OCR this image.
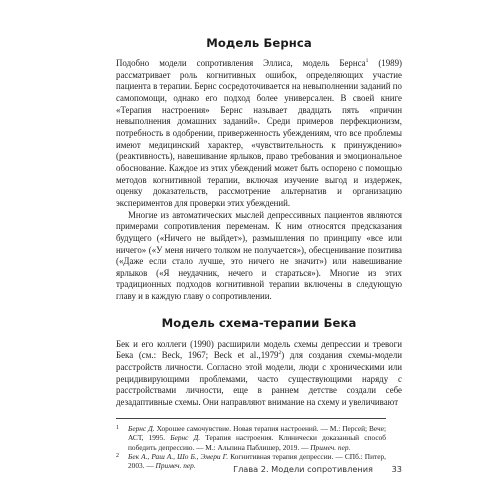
Модель Бернса

Подобно модели сопротивления Эллиса, модель Бернса$^1$ (1989) рассматривает роль когнитивных ошибок, определяющих участие пациента в терапии. Бернс сосредоточивается на невыполнении заданий по самопомощи, однако его подход более универсален. В своей книге «Терапия настроения» Бернс называет двадцать пять «причин невыполнения домашних заданий». Среди примеров перфекционизм, потребность в одобрении, приверженность убеждениям, что все проблемы имеют медицинский характер, «чувствительность к принуждению» (реактивность), навешивание ярлыков, право требования и эмоциональное обоснование. Каждое из этих убеждений может быть оспорено с помощью методов когнитивной терапии, включая изучение выгод и издержек, оценку доказательств, рассмотрение альтернатив и организацию экспериментов для проверки этих убеждений.

Многие из автоматических мыслей депрессивных пациентов являются примерами сопротивления переменам. К ним относятся предсказания будущего («Ничего не выйдет»), размышления по принципу «все или ничего» («У меня ничего толком не получается»), обесценивание позитива («Даже если стало лучше, это ничего не значит») или навешивание ярлыков («Я неудачник, нечего и стараться»). Многие из этих традиционных подходов когнитивной терапии включены в следующую главу и в каждую главу о сопротивлении.

Модель схема-терапии Бека

Бек и его коллеги (1990) расширили модель схемы депрессии и тревоги Бека (см.: Beck, 1967; Beck et al.,1979$^2$) для создания схемы-модели расстройств личности. Согласно этой модели, люди с хроническими или рецидивирующими проблемами, часто существующими наряду с расстройствами личности, еще в раннем детстве создали себе дезадаптивные схемы. Они направляют внимание на схему и увеличивают

1 Бернс Д. Хорошее самочувствие. Новая терапия настроений. — М.: Персей; Вече; АСТ, 1995. Бернс Д. Терапия настроения. Клинически доказанный способ победить депрессию. — М.: Альпина Паблишер, 2019. — Примеч. пер.
2 Бек А., Раш А., Шо Б., Эмери Г. Когнитивная терапия депрессии. — СПб.: Питер, 2003. — Примеч. пер.	Глава 2. Модели сопротивления 33
